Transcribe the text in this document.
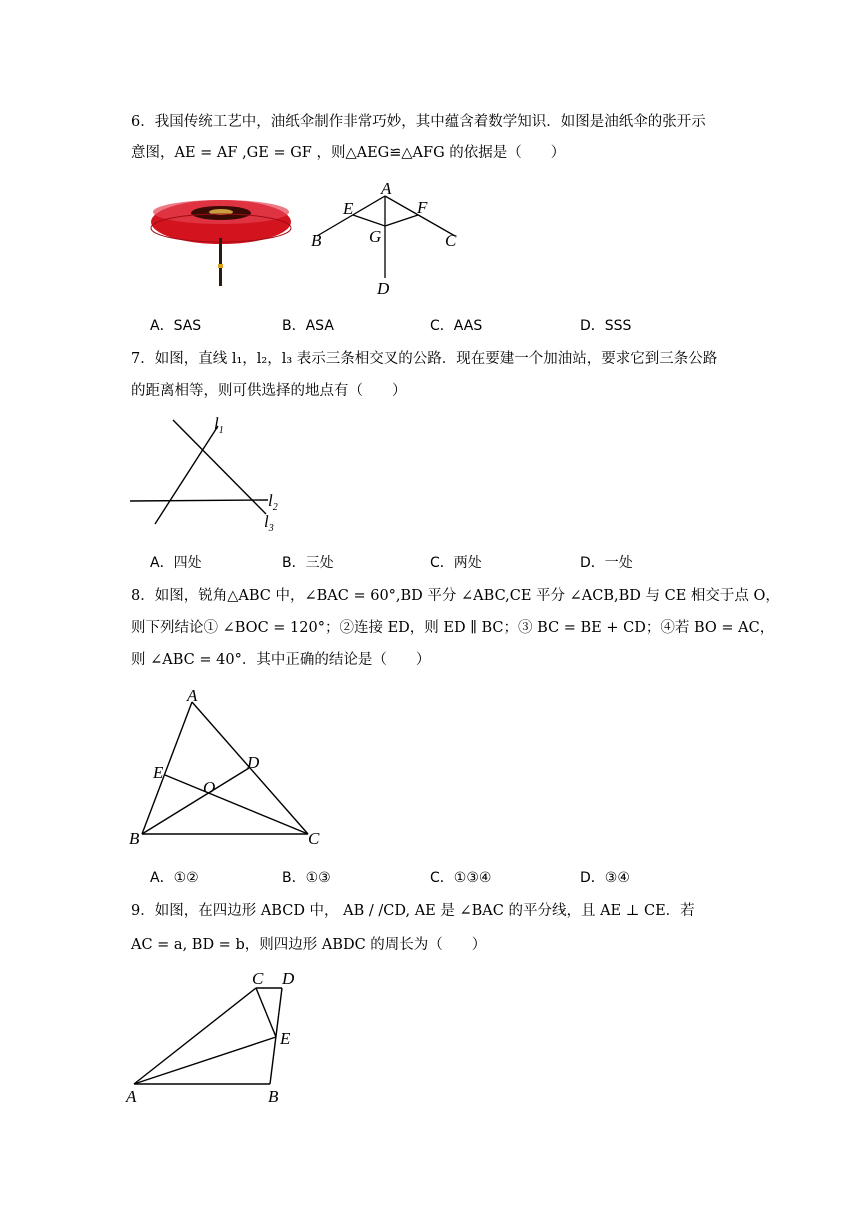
6．我国传统工艺中，油纸伞制作非常巧妙，其中蕴含着数学知识．如图是油纸伞的张开示
意图，AE = AF ,GE = GF ，则△AEG≌△AFG 的依据是（　　）
A
E	F
B	G	C
D
A．SAS	B．ASA	C．AAS	D．SSS
7．如图，直线 l₁，l₂，l₃ 表示三条相交叉的公路．现在要建一个加油站，要求它到三条公路
的距离相等，则可供选择的地点有（　　）
$l_1$
$l_2$
$l_3$
A．四处	B．三处	C．两处	D．一处
8．如图，锐角△ABC 中，∠BAC = 60°,BD 平分 ∠ABC,CE 平分 ∠ACB,BD 与 CE 相交于点 O，
则下列结论① ∠BOC = 120°；②连接 ED，则 ED ∥ BC；③ BC = BE + CD；④若 BO = AC，
则 ∠ABC = 40°．其中正确的结论是（　　）
A
D
E
O
B	C
A．①②	B．①③	C．①③④	D．③④
9．如图，在四边形 ABCD 中， AB / /CD, AE 是 ∠BAC 的平分线，且 AE ⊥ CE．若
AC = a, BD = b，则四边形 ABDC 的周长为（　　）
C D
E
A	B
